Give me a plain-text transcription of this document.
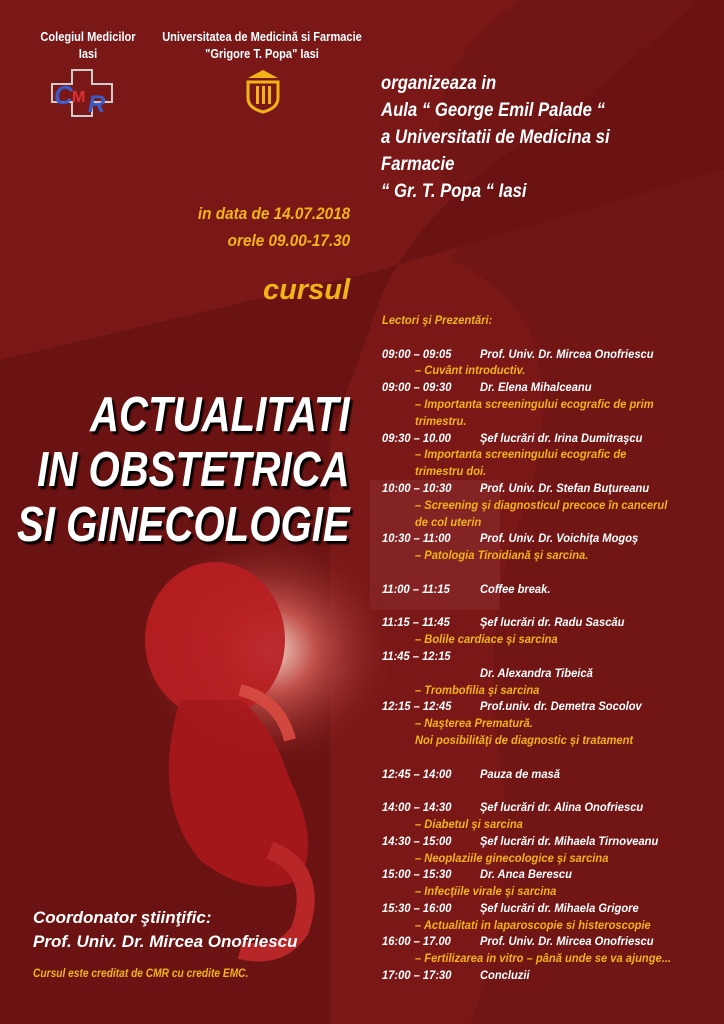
Colegiul Medicilor
Iasi
Universitatea de Medicină si Farmacie
"Grigore T. Popa" Iasi
C M R
organizeaza in
Aula “ George Emil Palade “
a Universitatii de Medicina si Farmacie
“ Gr. T. Popa “ Iasi
in data de 14.07.2018
orele 09.00-17.30
cursul
ACTUALITATI
IN OBSTETRICA
SI GINECOLOGIE
Lectori şi Prezentări:
09:00 – 09:05 Prof. Univ. Dr. Mircea Onofriescu
– Cuvânt introductiv.
09:00 – 09:30 Dr. Elena Mihalceanu
– Importanta screeningului ecografic de prim
trimestru.
09:30 – 10.00	Şef lucrări dr. Irina Dumitraşcu
– Importanta screeningului ecografic de
trimestru doi.
10:00 – 10:30 Prof. Univ. Dr. Stefan Buţureanu
– Screening şi diagnosticul precoce în cancerul
de col uterin
10:30 – 11:00	Prof. Univ. Dr. Voichiţa Mogoş
– Patologia Tiroidiană şi sarcina.
11:00 – 11:15	Coffee break.
11:15 – 11:45	Şef lucrări dr. Radu Sascău
– Bolile cardiace şi sarcina
11:45 – 12:15
Dr. Alexandra Tibeică
– Trombofilia şi sarcina
12:15 – 12:45 Prof.univ. dr. Demetra Socolov
– Naşterea Prematură.
Noi posibilităţi de diagnostic şi tratament
12:45 – 14:00 Pauza de masă
14:00 – 14:30 Şef lucrări dr. Alina Onofriescu
– Diabetul şi sarcina
14:30 – 15:00 Şef lucrări dr. Mihaela Tirnoveanu
– Neoplaziile ginecologice şi sarcina
15:00 – 15:30 Dr. Anca Berescu
– Infecţiile virale şi sarcina
15:30 – 16:00 Şef lucrări dr. Mihaela Grigore
– Actualitati in laparoscopie si histeroscopie
16:00 – 17.00	Prof. Univ. Dr. Mircea Onofriescu
– Fertilizarea in vitro – până unde se va ajunge...
17:00 – 17:30 Concluzii
Coordonator ştiinţific:
Prof. Univ. Dr. Mircea Onofriescu
Cursul este creditat de CMR cu credite EMC.
